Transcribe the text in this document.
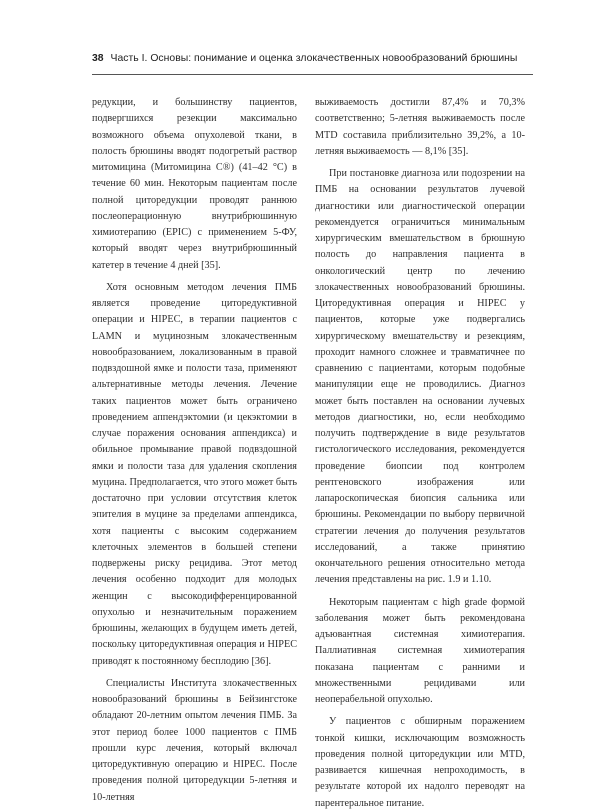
38 Часть I. Основы: понимание и оценка злокачественных новообразований брюшины

редукции, и большинству пациентов, подвергшихся резекции максимально возможного объема опухолевой ткани, в полость брюшины вводят подогретый раствор митомицина (Митомицина С®) (41–42 °C) в течение 60 мин. Некоторым пациентам после полной циторедукции проводят раннюю послеоперационную внутрибрюшинную химиотерапию (EPIC) с применением 5-ФУ, который вводят через внутрибрюшинный катетер в течение 4 дней [35].

Хотя основным методом лечения ПМБ является проведение циторедуктивной операции и HIPEC, в терапии пациентов с LAMN и муцинозным злокачественным новообразованием, локализованным в правой подвздошной ямке и полости таза, применяют альтернативные методы лечения. Лечение таких пациентов может быть ограничено проведением аппендэктомии (и цекэктомии в случае поражения основания аппендикса) и обильное промывание правой подвздошной ямки и полости таза для удаления скопления муцина. Предполагается, что этого может быть достаточно при условии отсутствия клеток эпителия в муцине за пределами аппендикса, хотя пациенты с высоким содержанием клеточных элементов в большей степени подвержены риску рецидива. Этот метод лечения особенно подходит для молодых женщин с высокодифференцированной опухолью и незначительным поражением брюшины, желающих в будущем иметь детей, поскольку циторедуктивная операция и HIPEC приводят к постоянному бесплодию [36].

Специалисты Института злокачественных новообразований брюшины в Бейзингстоке обладают 20-летним опытом лечения ПМБ. За этот период более 1000 пациентов с ПМБ прошли курс лечения, который включал циторедуктивную операцию и HIPEC. После проведения полной циторедукции 5-летняя и 10-летняя

выживаемость достигли 87,4% и 70,3% соответственно; 5-летняя выживаемость после MTD составила приблизительно 39,2%, а 10-летняя выживаемость — 8,1% [35].

При постановке диагноза или подозрении на ПМБ на основании результатов лучевой диагностики или диагностической операции рекомендуется ограничиться минимальным хирургическим вмешательством в брюшную полость до направления пациента в онкологический центр по лечению злокачественных новообразований брюшины. Циторедуктивная операция и HIPEC у пациентов, которые уже подвергались хирургическому вмешательству и резекциям, проходит намного сложнее и травматичнее по сравнению с пациентами, которым подобные манипуляции еще не проводились. Диагноз может быть поставлен на основании лучевых методов диагностики, но, если необходимо получить подтверждение в виде результатов гистологического исследования, рекомендуется проведение биопсии под контролем рентгеновского изображения или лапароскопическая биопсия сальника или брюшины. Рекомендации по выбору первичной стратегии лечения до получения результатов исследований, а также принятию окончательного решения относительно метода лечения представлены на рис. 1.9 и 1.10.

Некоторым пациентам с high grade формой заболевания может быть рекомендована адъювантная системная химиотерапия. Паллиативная системная химиотерапия показана пациентам с ранними и множественными рецидивами или неоперабельной опухолью.

У пациентов с обширным поражением тонкой кишки, исключающим возможность проведения полной циторедукции или MTD, развивается кишечная непроходимость, в результате которой их надолго переводят на парентеральное питание.
